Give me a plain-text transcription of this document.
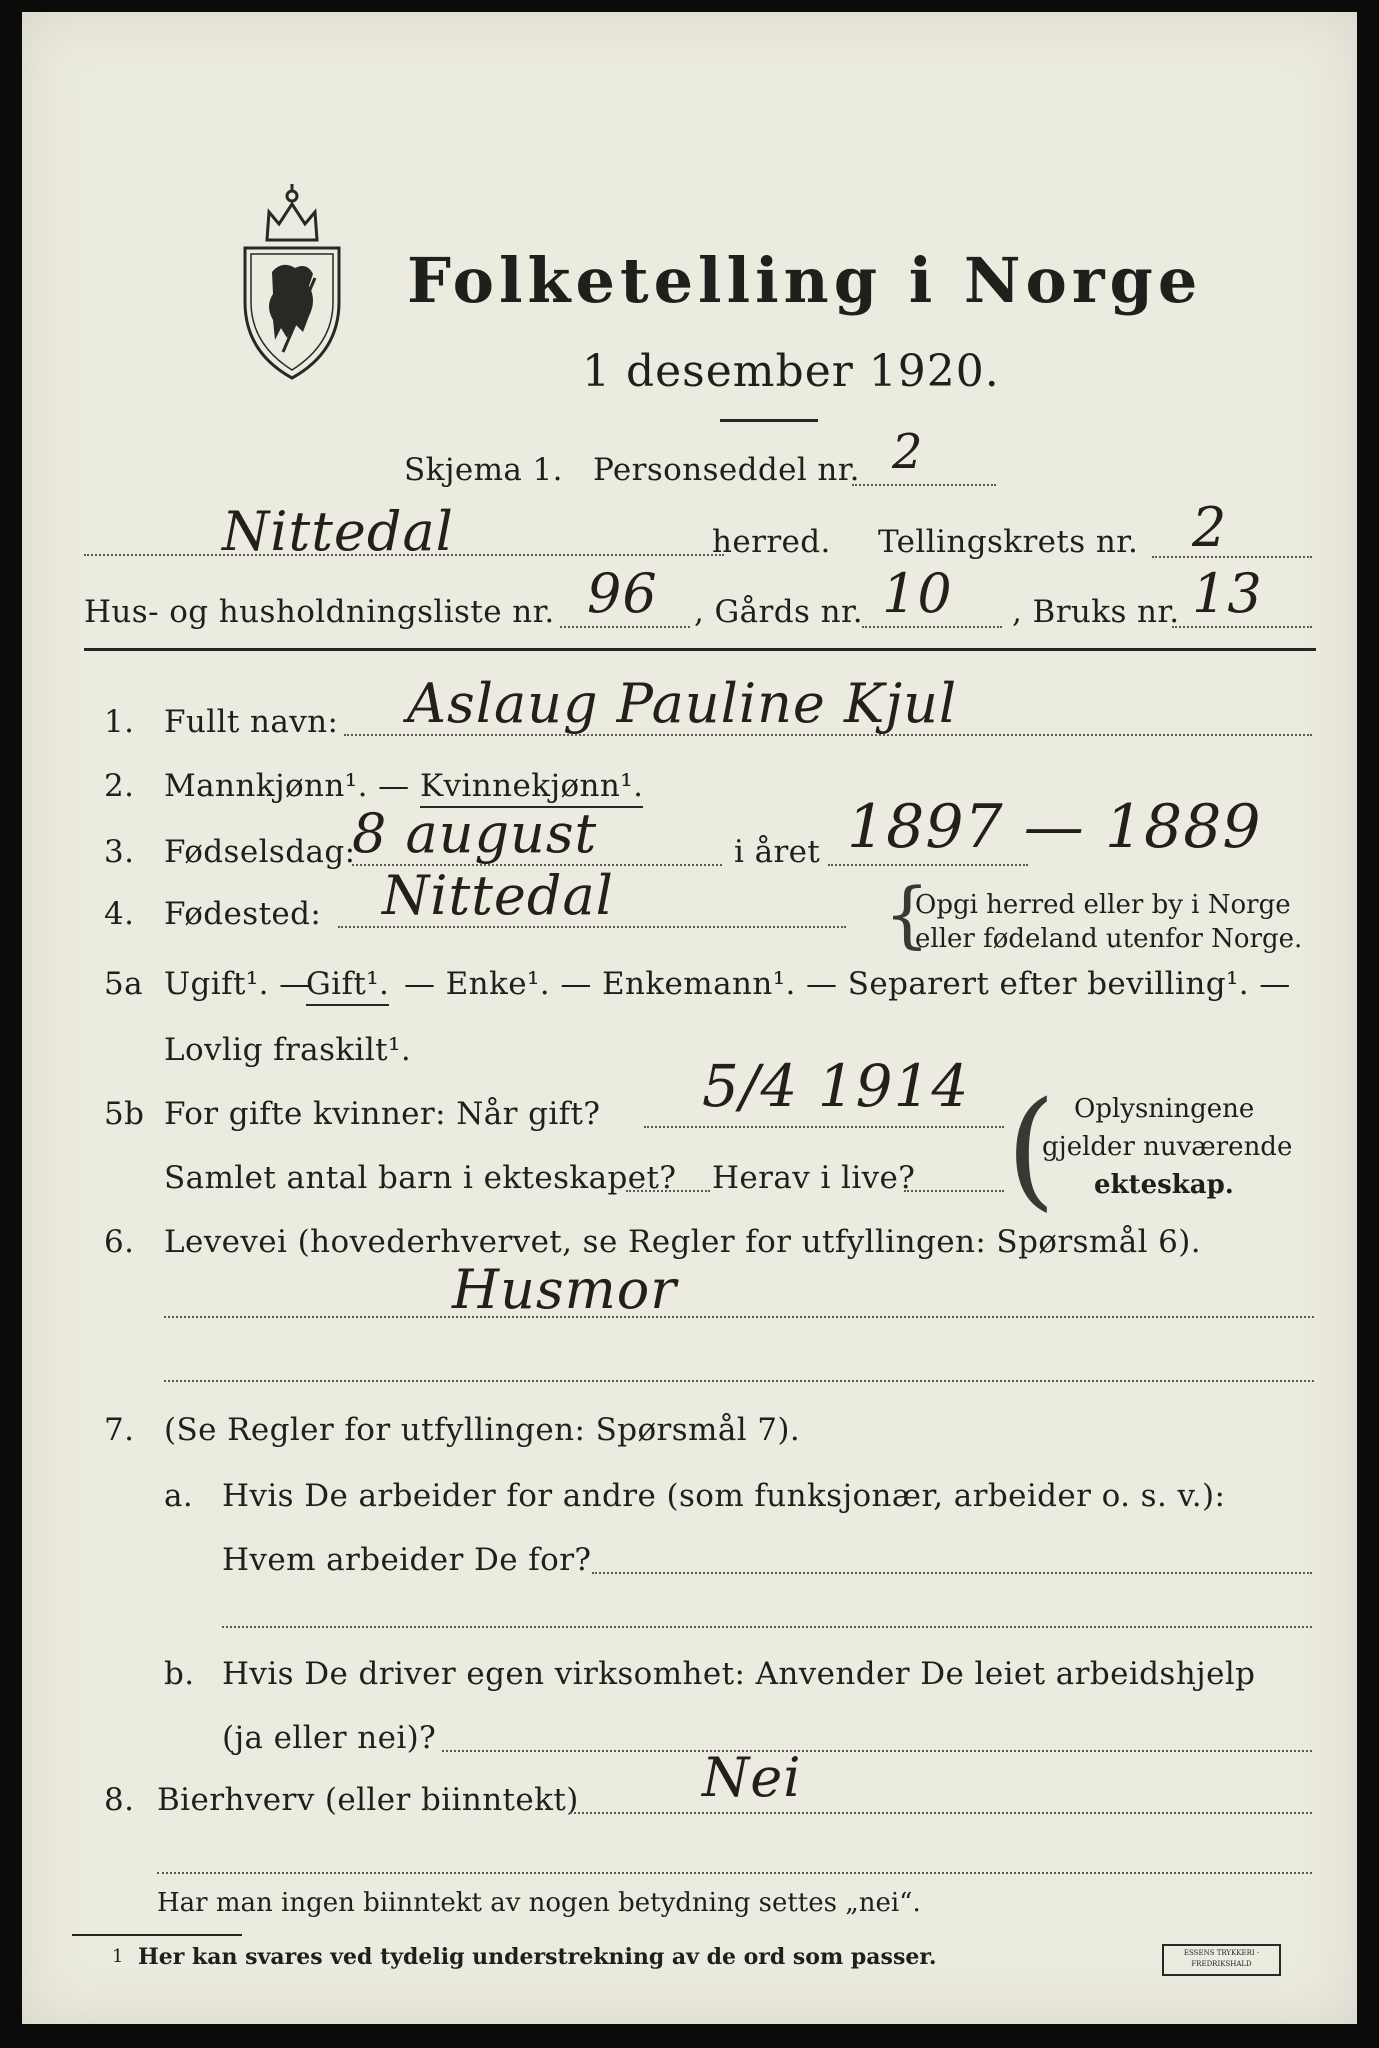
Folketelling i Norge
1 desember 1920.
Skjema 1. Personseddel nr. 2
Nittedal	herred. Tellingskrets nr. 2
Hus- og husholdningsliste nr. 96 , Gårds nr. 10 , Bruks nr. 13
1. Fullt navn: Aslaug Pauline Kjul
2. Mannkjønn¹. — Kvinnekjønn¹.
3. Fødselsdag:
8 august	i året 1897 — 1889
4. Fødested: Nittedal	{
Opgi herred eller by i Norge
eller fødeland utenfor Norge.
5a Ugift¹. —
Gift¹. — Enke¹. — Enkemann¹. — Separert efter bevilling¹. —
Lovlig fraskilt¹.
5b For gifte kvinner: Når gift? 5/4 1914
Samlet antal barn i ekteskapet? Herav i live? ( Oplysningene
gjelder nuværende
ekteskap.
6. Levevei (hovederhvervet, se Regler for utfyllingen: Spørsmål 6).
Husmor
7. (Se Regler for utfyllingen: Spørsmål 7).
a. Hvis De arbeider for andre (som funksjonær, arbeider o. s. v.):
Hvem arbeider De for?
b. Hvis De driver egen virksomhet: Anvender De leiet arbeidshjelp
(ja eller nei)?
8. Bierhverv (eller biinntekt) Nei
Har man ingen biinntekt av nogen betydning settes „nei“.
1 Her kan svares ved tydelig understrekning av de ord som passer.	ESSENS TRYKKERI · FREDRIKSHALD
